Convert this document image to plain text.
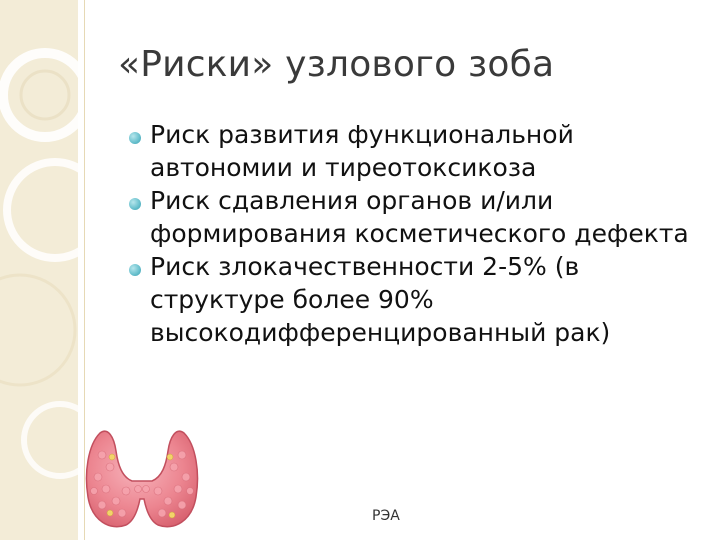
«Риски» узлового зоба
Риск развития функциональной автономии и тиреотоксикоза
Риск сдавления органов и/или формирования косметического дефекта
Риск злокачественности 2-5% (в структуре более 90% высокодифференцированный рак)
РЭА
